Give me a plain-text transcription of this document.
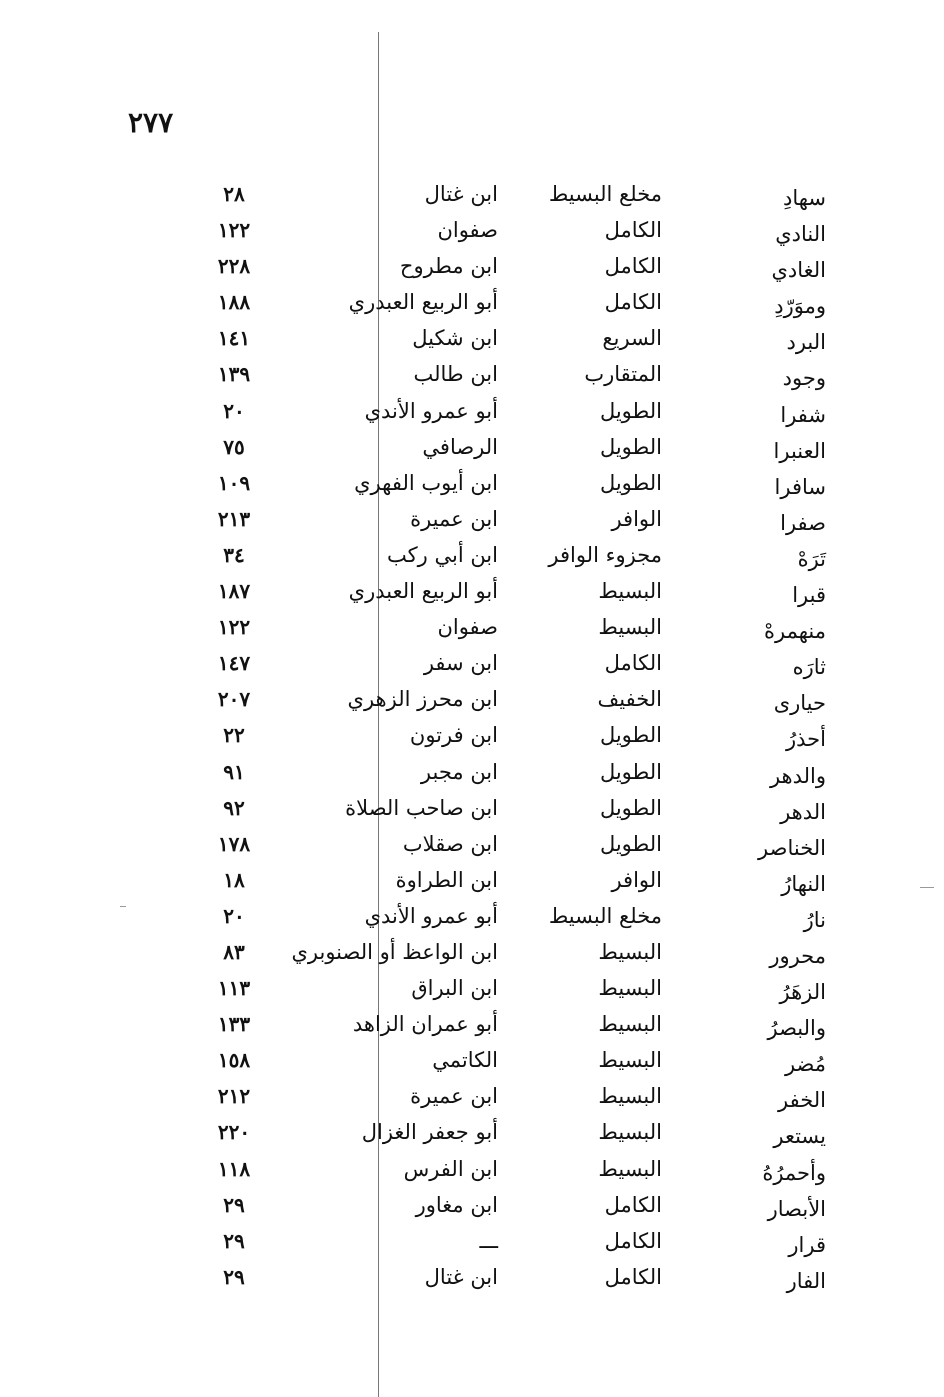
٢٧٧
سهادِ
مخلع البسيط
ابن غتال
٢٨
النادي
الكامل
صفوان
١٢٢
الغادي
الكامل
ابن مطروح
٢٢٨
وموَرّدِ
الكامل
أبو الربيع العبدري
١٨٨
البرد
السريع
ابن شكيل
١٤١
وجود
المتقارب
ابن طالب
١٣٩
شفرا
الطويل
أبو عمرو الأندي
٢٠
العنبرا
الطويل
الرصافي
٧٥
سافرا
الطويل
ابن أيوب الفهري
١٠٩
صفرا
الوافر
ابن عميرة
٢١٣
تَرَهْ
مجزوء الوافر
ابن أبي ركب
٣٤
قبرا
البسيط
أبو الربيع العبدري
١٨٧
منهمرهْ
البسيط
صفوان
١٢٢
ثارَه
الكامل
ابن سفر
١٤٧
حيارى
الخفيف
ابن محرز الزهري
٢٠٧
أحذرُ
الطويل
ابن فرتون
٢٢
والدهر
الطويل
ابن مجبر
٩١
الدهر
الطويل
ابن صاحب الصلاة
٩٢
الخناصر
الطويل
ابن صقلاب
١٧٨
النهارُ
الوافر
ابن الطراوة
١٨
نارُ
مخلع البسيط
أبو عمرو الأندي
٢٠
محرور
البسيط
ابن الواعظ أو الصنوبري
٨٣
الزهَرُ
البسيط
ابن البراق
١١٣
والبصرُ
البسيط
أبو عمران الزاهد
١٣٣
مُضر
البسيط
الكاتمي
١٥٨
الخفر
البسيط
ابن عميرة
٢١٢
يستعر
البسيط
أبو جعفر الغزال
٢٢٠
وأحمرُهُ
البسيط
ابن الفرس
١١٨
الأبصار
الكامل
ابن مغاور
٢٩
قرار
الكامل
ـــ
٢٩
الفار
الكامل
ابن غتال
٢٩
